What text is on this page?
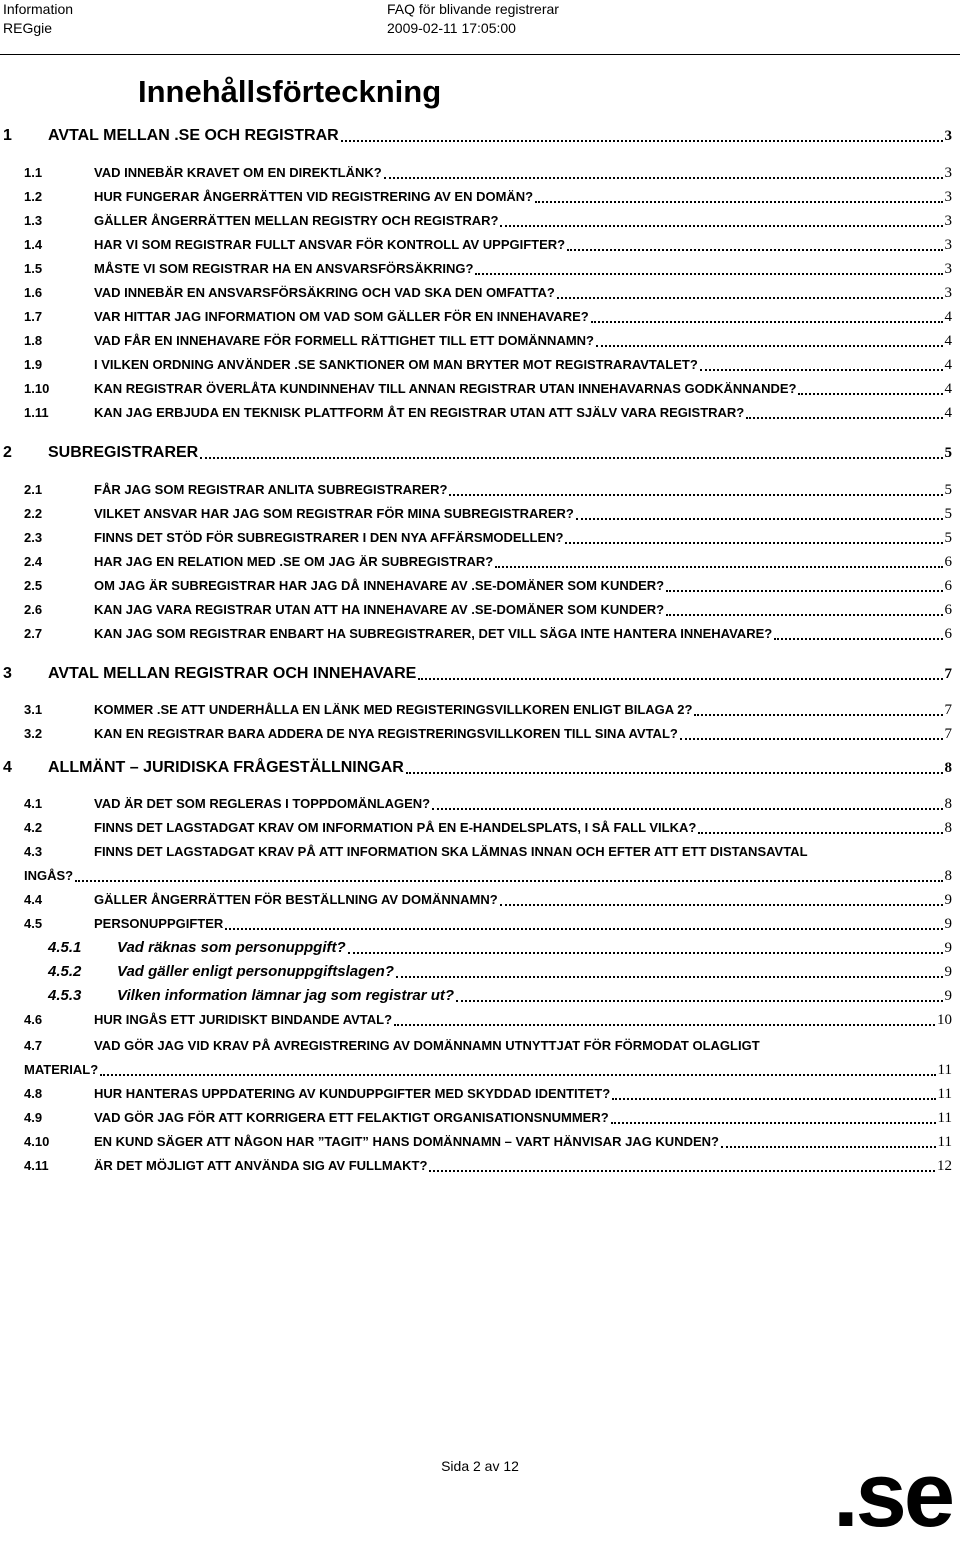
Information
REGgie
FAQ för blivande registrerar
2009-02-11 17:05:00
Innehållsförteckning
1 AVTAL MELLAN .SE OCH REGISTRAR	3
1.1	VAD INNEBÄR KRAVET OM EN DIREKTLÄNK?	3
1.2	HUR FUNGERAR ÅNGERRÄTTEN VID REGISTRERING AV EN DOMÄN?	3
1.3	GÄLLER ÅNGERRÄTTEN MELLAN REGISTRY OCH REGISTRAR?	3
1.4	HAR VI SOM REGISTRAR FULLT ANSVAR FÖR KONTROLL AV UPPGIFTER?	3
1.5	MÅSTE VI SOM REGISTRAR HA EN ANSVARSFÖRSÄKRING?	3
1.6	VAD INNEBÄR EN ANSVARSFÖRSÄKRING OCH VAD SKA DEN OMFATTA?	3
1.7	VAR HITTAR JAG INFORMATION OM VAD SOM GÄLLER FÖR EN INNEHAVARE?	4
1.8	VAD FÅR EN INNEHAVARE FÖR FORMELL RÄTTIGHET TILL ETT DOMÄNNAMN?	4
1.9	I VILKEN ORDNING ANVÄNDER .SE SANKTIONER OM MAN BRYTER MOT REGISTRARAVTALET?	4
1.10	KAN REGISTRAR ÖVERLÅTA KUNDINNEHAV TILL ANNAN REGISTRAR UTAN INNEHAVARNAS GODKÄNNANDE?	4
1.11	KAN JAG ERBJUDA EN TEKNISK PLATTFORM ÅT EN REGISTRAR UTAN ATT SJÄLV VARA REGISTRAR?	4
2 SUBREGISTRARER	5
2.1	FÅR JAG SOM REGISTRAR ANLITA SUBREGISTRARER?	5
2.2	VILKET ANSVAR HAR JAG SOM REGISTRAR FÖR MINA SUBREGISTRARER?	5
2.3	FINNS DET STÖD FÖR SUBREGISTRARER I DEN NYA AFFÄRSMODELLEN?	5
2.4	HAR JAG EN RELATION MED .SE OM JAG ÄR SUBREGISTRAR?	6
2.5	OM JAG ÄR SUBREGISTRAR HAR JAG DÅ INNEHAVARE AV .SE-DOMÄNER SOM KUNDER?	6
2.6	KAN JAG VARA REGISTRAR UTAN ATT HA INNEHAVARE AV .SE-DOMÄNER SOM KUNDER?	6
2.7	KAN JAG SOM REGISTRAR ENBART HA SUBREGISTRARER, DET VILL SÄGA INTE HANTERA INNEHAVARE?	6
3 AVTAL MELLAN REGISTRAR OCH INNEHAVARE	7
3.1	KOMMER .SE ATT UNDERHÅLLA EN LÄNK MED REGISTERINGSVILLKOREN ENLIGT BILAGA 2?	7
3.2	KAN EN REGISTRAR BARA ADDERA DE NYA REGISTRERINGSVILLKOREN TILL SINA AVTAL?	7
4 ALLMÄNT – JURIDISKA FRÅGESTÄLLNINGAR	8
4.1	VAD ÄR DET SOM REGLERAS I TOPPDOMÄNLAGEN?	8
4.2	FINNS DET LAGSTADGAT KRAV OM INFORMATION PÅ EN E-HANDELSPLATS, I SÅ FALL VILKA?	8
4.3	FINNS DET LAGSTADGAT KRAV PÅ ATT INFORMATION SKA LÄMNAS INNAN OCH EFTER ATT ETT DISTANSAVTAL
INGÅS?	8
4.4	GÄLLER ÅNGERRÄTTEN FÖR BESTÄLLNING AV DOMÄNNAMN?	9
4.5	PERSONUPPGIFTER	9
4.5.1 Vad räknas som personuppgift?	9
4.5.2 Vad gäller enligt personuppgiftslagen?	9
4.5.3 Vilken information lämnar jag som registrar ut?	9
4.6	HUR INGÅS ETT JURIDISKT BINDANDE AVTAL?	10
4.7	VAD GÖR JAG VID KRAV PÅ AVREGISTRERING AV DOMÄNNAMN UTNYTTJAT FÖR FÖRMODAT OLAGLIGT
MATERIAL?	11
4.8	HUR HANTERAS UPPDATERING AV KUNDUPPGIFTER MED SKYDDAD IDENTITET?	11
4.9	VAD GÖR JAG FÖR ATT KORRIGERA ETT FELAKTIGT ORGANISATIONSNUMMER?	11
4.10	EN KUND SÄGER ATT NÅGON HAR ”TAGIT” HANS DOMÄNNAMN – VART HÄNVISAR JAG KUNDEN?	11
4.11	ÄR DET MÖJLIGT ATT ANVÄNDA SIG AV FULLMAKT?	12
Sida 2 av 12	.se
